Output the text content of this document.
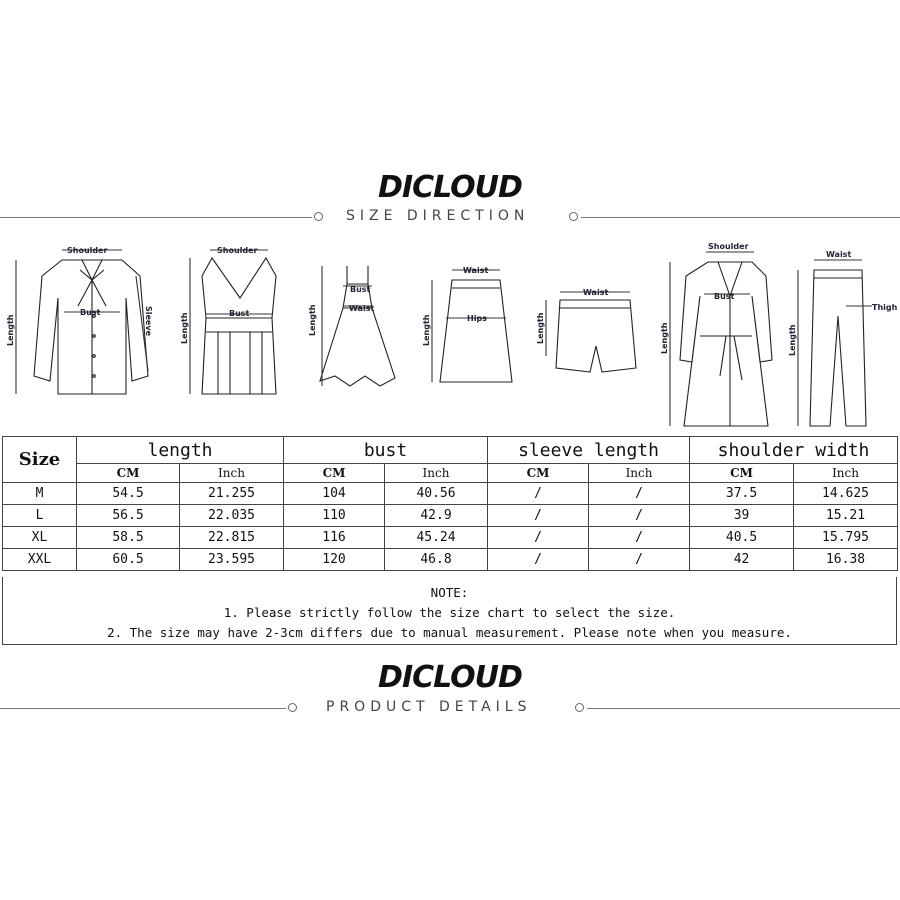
DICLOUD
SIZE DIRECTION
Shoulder
Bust
Length	Sleeve
Shoulder
Bust
Length
Bust
Waist
Length
Waist
Hips
Length
Waist
Length
Shoulder
Bust
Length
Waist
Thigh
Length
Size	length		bust		sleeve length		shoulder width	
	CM	Inch	CM	Inch	CM	Inch	CM	Inch
M	54.5	21.255	104	40.56	/	/	37.5	14.625
L	56.5	22.035	110	42.9	/	/	39	15.21
XL	58.5	22.815	116	45.24	/	/	40.5	15.795
XXL	60.5	23.595	120	46.8	/	/	42	16.38
NOTE:
1. Please strictly follow the size chart to select the size.
2. The size may have 2-3cm differs due to manual measurement. Please note when you measure.
DICLOUD
PRODUCT DETAILS
